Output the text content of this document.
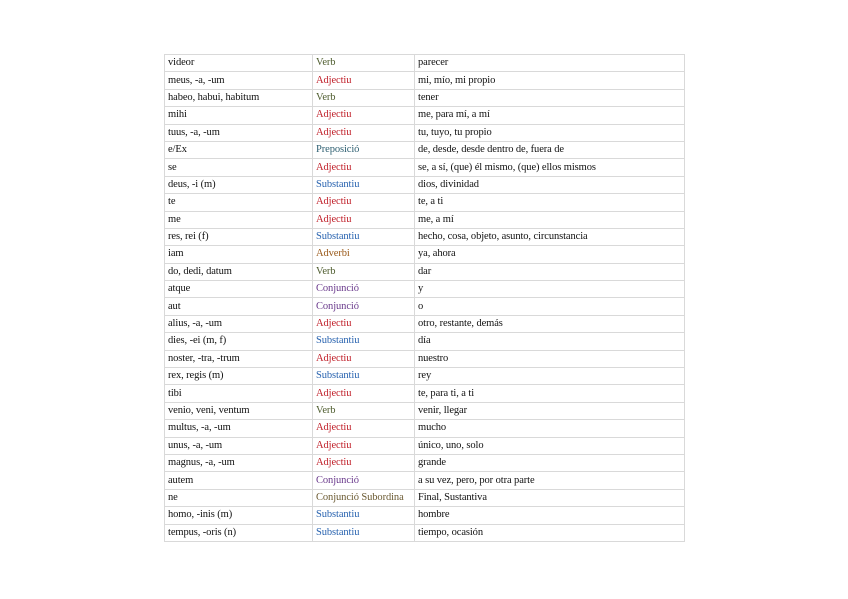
videor	Verb	parecer
meus, -a, -um	Adjectiu	mi, mío, mi propio
habeo, habui, habitum	Verb	tener
mihi	Adjectiu	me, para mí, a mí
tuus, -a, -um	Adjectiu	tu, tuyo, tu propio
e/Ex	Preposició	de, desde, desde dentro de, fuera de
se	Adjectiu	se, a sí, (que) él mismo, (que) ellos mismos
deus, -i (m)	Substantiu	dios, divinidad
te	Adjectiu	te, a ti
me	Adjectiu	me, a mí
res, rei (f)	Substantiu	hecho, cosa, objeto, asunto, circunstancia
iam	Adverbi	ya, ahora
do, dedi, datum	Verb	dar
atque	Conjunció	y
aut	Conjunció	o
alius, -a, -um	Adjectiu	otro, restante, demás
dies, -ei (m, f)	Substantiu	día
noster, -tra, -trum	Adjectiu	nuestro
rex, regis (m)	Substantiu	rey
tibi	Adjectiu	te, para ti, a ti
venio, veni, ventum	Verb	venir, llegar
multus, -a, -um	Adjectiu	mucho
unus, -a, -um	Adjectiu	único, uno, solo
magnus, -a, -um	Adjectiu	grande
autem	Conjunció	a su vez, pero, por otra parte
ne	Conjunció Subordina	Final, Sustantiva
homo, -inis (m)	Substantiu	hombre
tempus, -oris (n)	Substantiu	tiempo, ocasión
